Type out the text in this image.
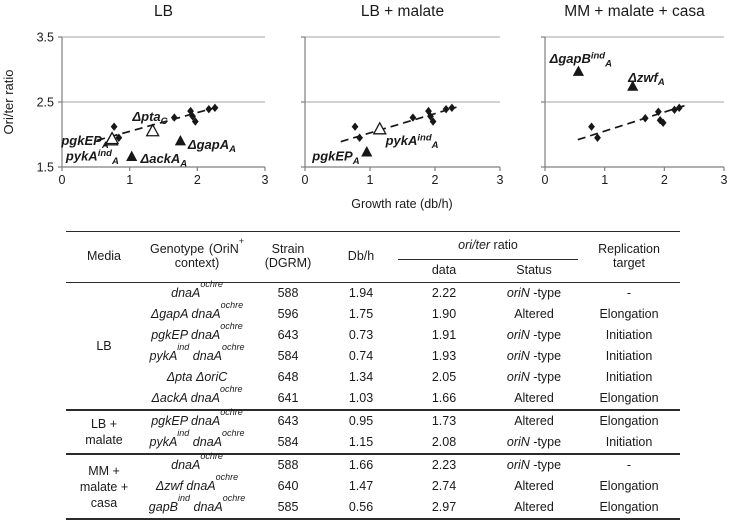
LB
1.5
2.5
3.5
0	1	2	3
Δpta$_C$
pgkEP$_A$
pykA$^{ind}_A$
ΔgapA$_A$
ΔackA$_A$
LB + malate
0	1	2	3
pykA$^{ind}_A$
pgkEP$_A$
MM + malate + casa
0	1	2	3
ΔgapB$^{ind}_A$
Δzwf$_A$
Ori/ter ratio
Growth rate (db/h)
Media	Genotype (OriN+
context)

Strain
(DGRM)	Db/h	ori/ter ratio	Replication
target

				data	Status	

LB	dnaA$^{ochre}$	588	1.94	2.22	oriN -type	-
	ΔgapA dnaA$^{ochre}$	596	1.75	1.90	Altered	Elongation
	pgkEP dnaA$^{ochre}$	643	0.73	1.91	oriN -type	Initiation
	pykA$^{ind}$ dnaA$^{ochre}$	584	0.74	1.93	oriN -type	Initiation
	Δpta ΔoriC	648	1.34	2.05	oriN -type	Initiation
	ΔackA dnaA$^{ochre}$	641	1.03	1.66	Altered	Elongation

LB +
malate	pgkEP dnaA$^{ochre}$	643	0.95	1.73	Altered	Elongation
	pykA$^{ind}$ dnaA$^{ochre}$	584	1.15	2.08	oriN -type	Initiation

MM +
malate +
casa	dnaA$^{ochre}$	588	1.66	2.23	oriN -type	-
	Δzwf dnaA$^{ochre}$	640	1.47	2.74	Altered	Elongation
	gapB$^{ind}$ dnaA$^{ochre}$	585	0.56	2.97	Altered	Elongation
